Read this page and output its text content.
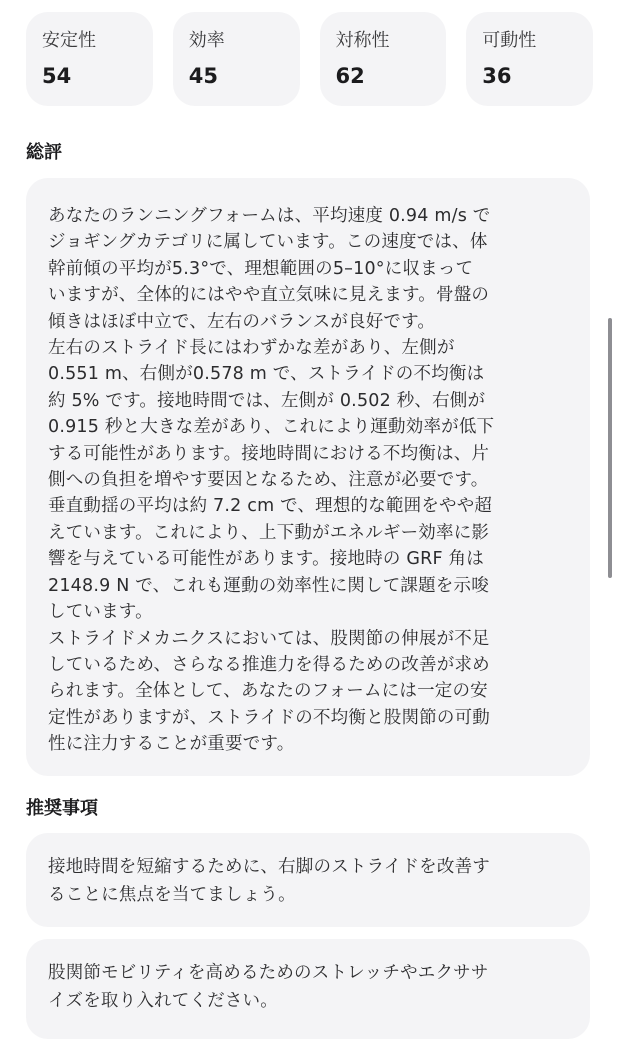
安定性
54
効率
45
対称性
62
可動性
36
総評
あなたのランニングフォームは、平均速度 0.94 m/s で
ジョギングカテゴリに属しています。この速度では、体
幹前傾の平均が5.3°で、理想範囲の5–10°に収まって
いますが、全体的にはやや直立気味に見えます。骨盤の
傾きはほぼ中立で、左右のバランスが良好です。
左右のストライド長にはわずかな差があり、左側が
0.551 m、右側が0.578 m で、ストライドの不均衡は
約 5% です。接地時間では、左側が 0.502 秒、右側が
0.915 秒と大きな差があり、これにより運動効率が低下
する可能性があります。接地時間における不均衡は、片
側への負担を増やす要因となるため、注意が必要です。
垂直動揺の平均は約 7.2 cm で、理想的な範囲をやや超
えています。これにより、上下動がエネルギー効率に影
響を与えている可能性があります。接地時の GRF 角は
2148.9 N で、これも運動の効率性に関して課題を示唆
しています。
ストライドメカニクスにおいては、股関節の伸展が不足
しているため、さらなる推進力を得るための改善が求め
られます。全体として、あなたのフォームには一定の安
定性がありますが、ストライドの不均衡と股関節の可動
性に注力することが重要です。
推奨事項
接地時間を短縮するために、右脚のストライドを改善す
ることに焦点を当てましょう。
股関節モビリティを高めるためのストレッチやエクササ
イズを取り入れてください。
